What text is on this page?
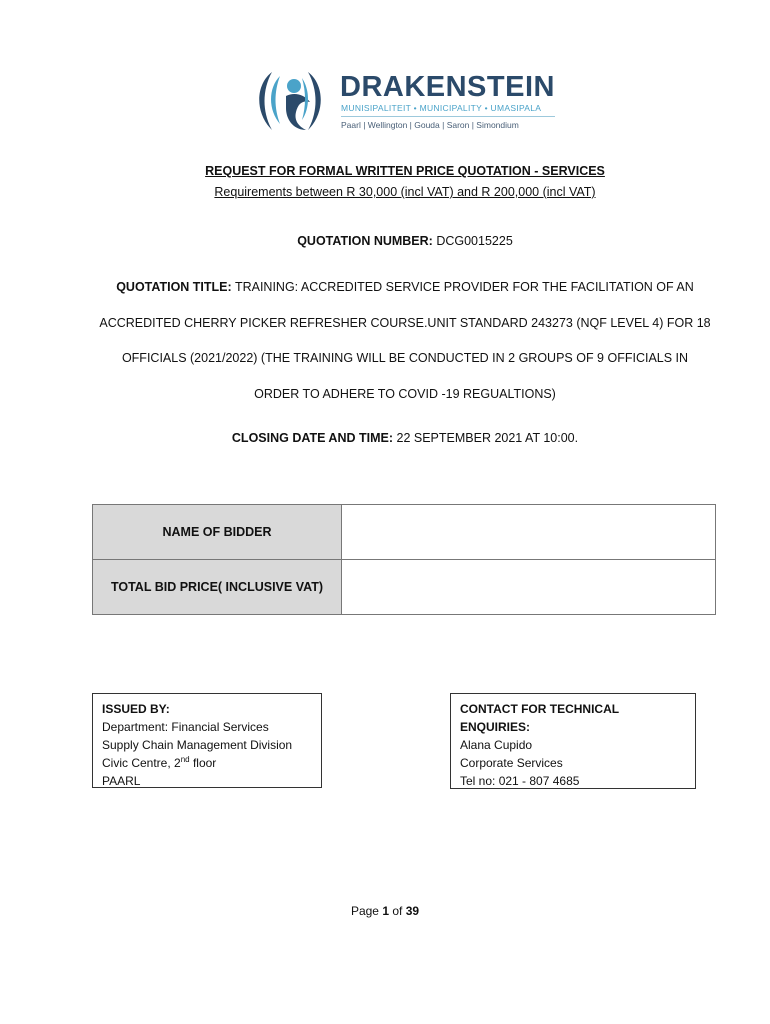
DRAKENSTEIN
MUNISIPALITEIT • MUNICIPALITY • UMASIPALA
Paarl | Wellington | Gouda | Saron | Simondium
REQUEST FOR FORMAL WRITTEN PRICE QUOTATION - SERVICES
Requirements between R 30,000 (incl VAT) and R 200,000 (incl VAT)
QUOTATION NUMBER: DCG0015225
QUOTATION TITLE: TRAINING: ACCREDITED SERVICE PROVIDER FOR THE FACILITATION OF AN
ACCREDITED CHERRY PICKER REFRESHER COURSE.UNIT STANDARD 243273 (NQF LEVEL 4) FOR 18
OFFICIALS (2021/2022) (THE TRAINING WILL BE CONDUCTED IN 2 GROUPS OF 9 OFFICIALS IN
ORDER TO ADHERE TO COVID -19 REGUALTIONS)
CLOSING DATE AND TIME: 22 SEPTEMBER 2021 AT 10:00.
NAME OF BIDDER	
TOTAL BID PRICE( INCLUSIVE VAT)	
ISSUED BY:
Department: Financial Services
Supply Chain Management Division
Civic Centre, 2nd floor
PAARL
CONTACT FOR TECHNICAL ENQUIRIES:
Alana Cupido
Corporate Services
Tel no: 021 - 807 4685
Page 1 of 39
